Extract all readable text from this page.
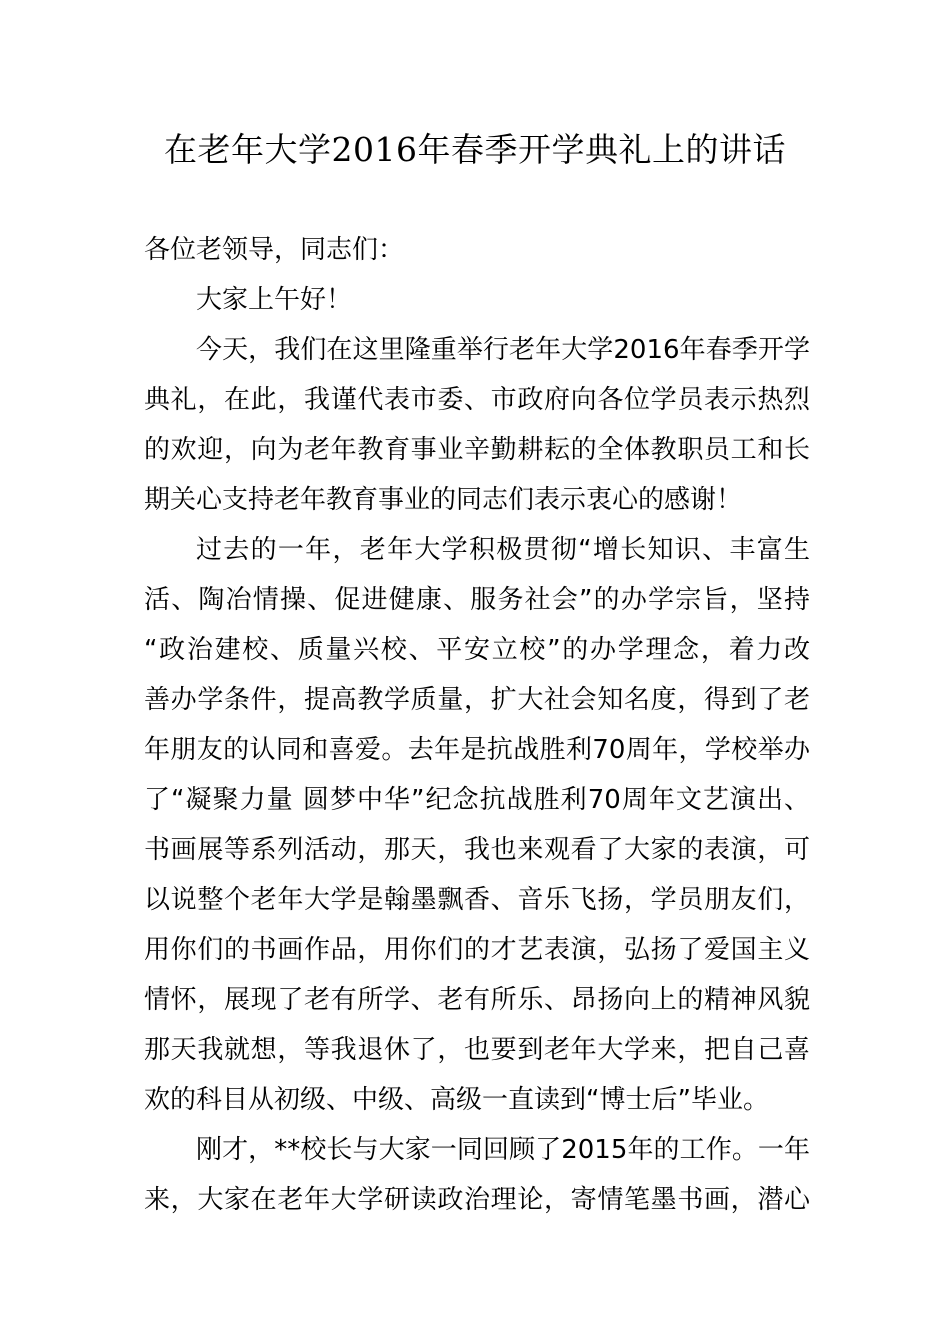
在老年大学2016年春季开学典礼上的讲话
各位老领导，同志们：
大家上午好！
今天，我们在这里隆重举行老年大学2016年春季开学
典礼，在此，我谨代表市委、市政府向各位学员表示热烈
的欢迎，向为老年教育事业辛勤耕耘的全体教职员工和长
期关心支持老年教育事业的同志们表示衷心的感谢！
过去的一年，老年大学积极贯彻“增长知识、丰富生
活、陶冶情操、促进健康、服务社会”的办学宗旨，坚持
“政治建校、质量兴校、平安立校”的办学理念，着力改
善办学条件，提高教学质量，扩大社会知名度，得到了老
年朋友的认同和喜爱。去年是抗战胜利70周年，学校举办
了“凝聚力量 圆梦中华”纪念抗战胜利70周年文艺演出、
书画展等系列活动，那天，我也来观看了大家的表演，可
以说整个老年大学是翰墨飘香、音乐飞扬，学员朋友们，
用你们的书画作品，用你们的才艺表演，弘扬了爱国主义
情怀，展现了老有所学、老有所乐、昂扬向上的精神风貌
那天我就想，等我退休了，也要到老年大学来，把自己喜
欢的科目从初级、中级、高级一直读到“博士后”毕业。
刚才，**校长与大家一同回顾了2015年的工作。一年
来，大家在老年大学研读政治理论，寄情笔墨书画，潜心
